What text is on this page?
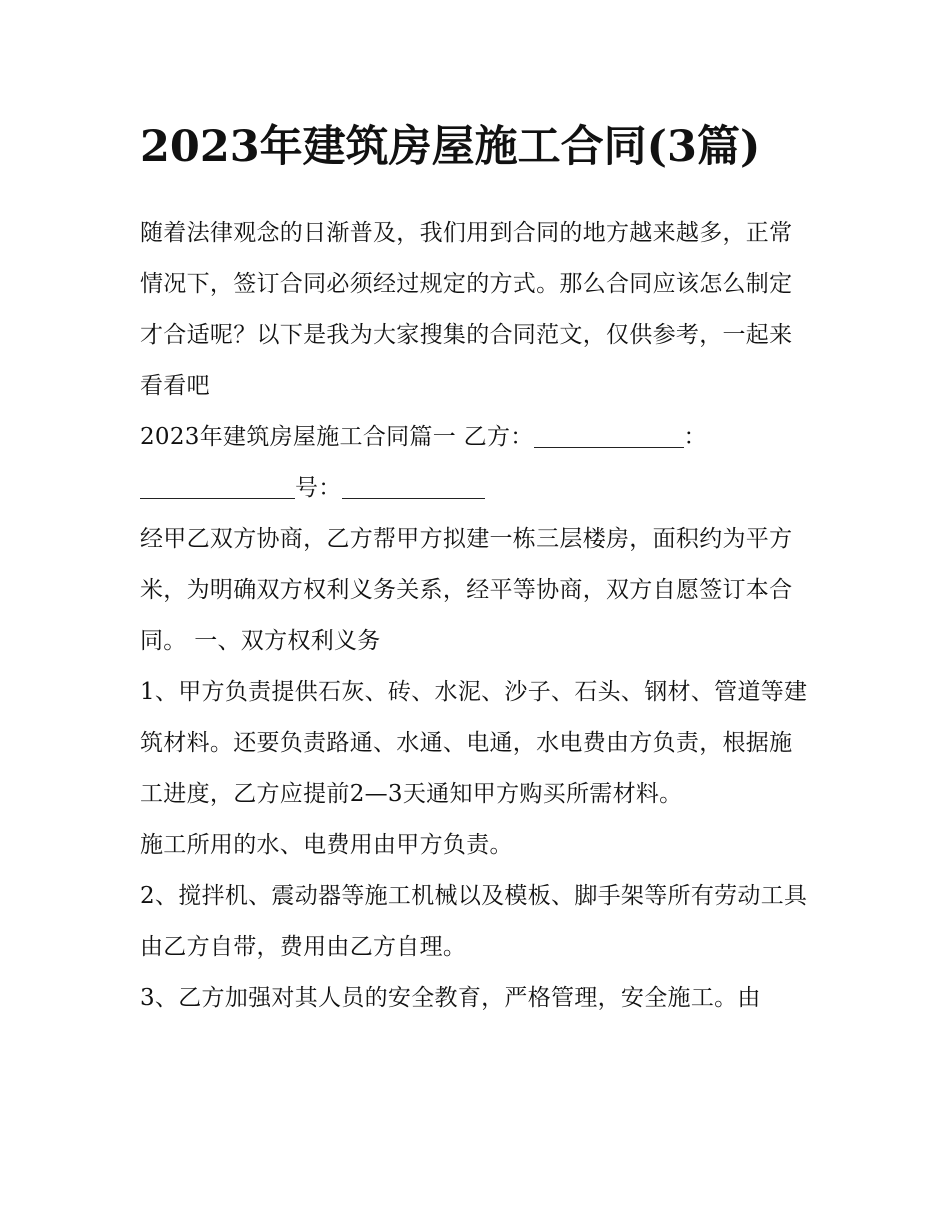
2023年建筑房屋施工合同(3篇)

随着法律观念的日渐普及，我们用到合同的地方越来越多，正常情况下，签订合同必须经过规定的方式。那么合同应该怎么制定才合适呢？以下是我为大家搜集的合同范文，仅供参考，一起来看看吧

2023年建筑房屋施工合同篇一 乙方：	：号：

经甲乙双方协商，乙方帮甲方拟建一栋三层楼房，面积约为平方米，为明确双方权利义务关系，经平等协商，双方自愿签订本合同。 一、双方权利义务

1、甲方负责提供石灰、砖、水泥、沙子、石头、钢材、管道等建筑材料。还要负责路通、水通、电通，水电费由方负责，根据施工进度，乙方应提前2—3天通知甲方购买所需材料。

施工所用的水、电费用由甲方负责。

2、搅拌机、震动器等施工机械以及模板、脚手架等所有劳动工具由乙方自带，费用由乙方自理。

3、乙方加强对其人员的安全教育，严格管理，安全施工。由
